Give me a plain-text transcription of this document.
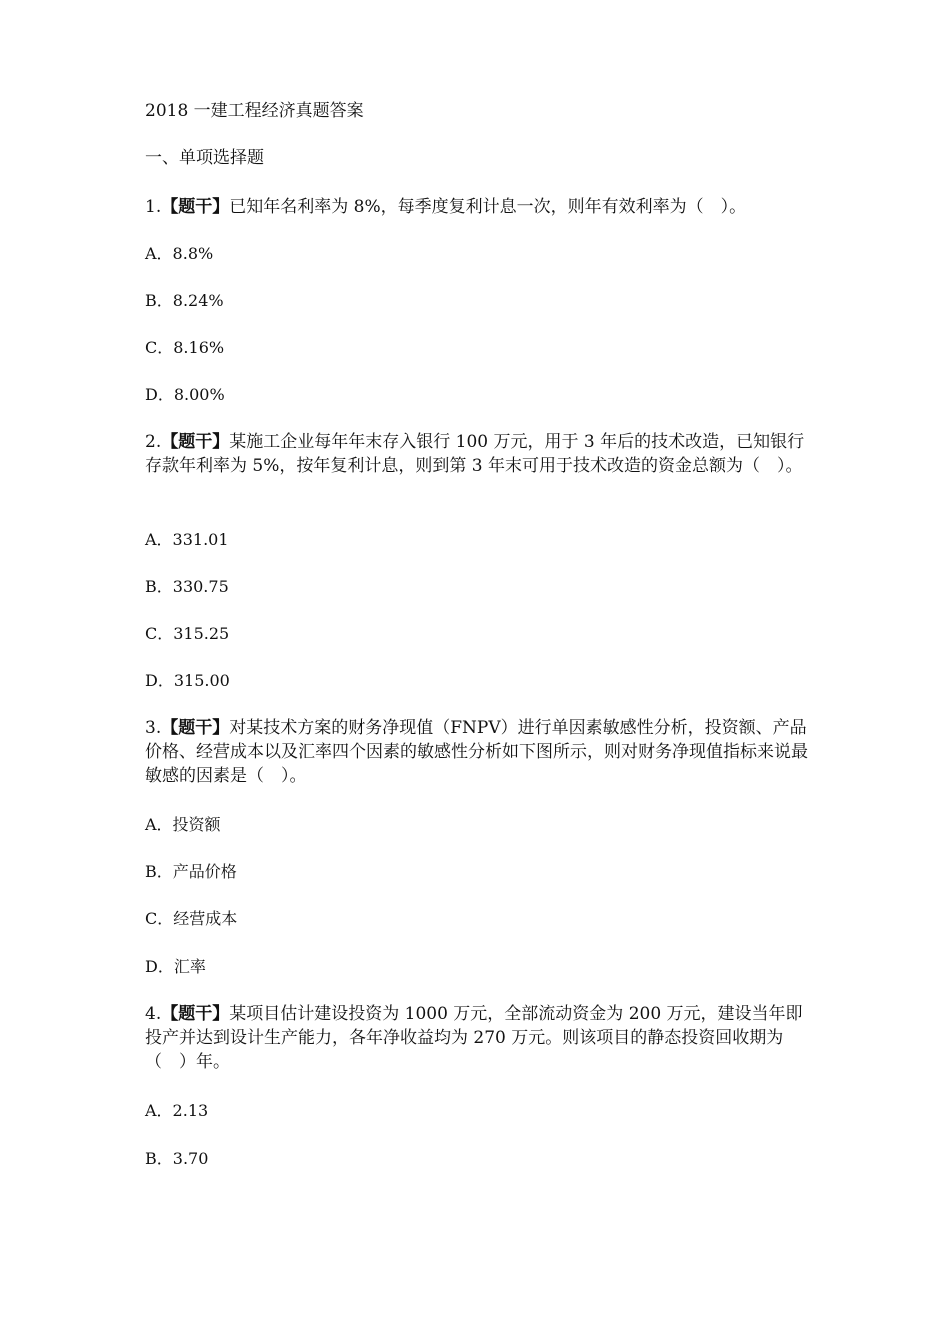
2018 一建工程经济真题答案
一、单项选择题
1.【题干】已知年名利率为 8%，每季度复利计息一次，则年有效利率为（　）。
A．8.8%
B．8.24%
C．8.16%
D．8.00%
2.【题干】某施工企业每年年末存入银行 100 万元，用于 3 年后的技术改造，已知银行存款年利率为 5%，按年复利计息，则到第 3 年末可用于技术改造的资金总额为（　）。
A．331.01
B．330.75
C．315.25
D．315.00
3.【题干】对某技术方案的财务净现值（FNPV）进行单因素敏感性分析，投资额、产品价格、经营成本以及汇率四个因素的敏感性分析如下图所示，则对财务净现值指标来说最敏感的因素是（　）。
A．投资额
B．产品价格
C．经营成本
D．汇率
4.【题干】某项目估计建设投资为 1000 万元，全部流动资金为 200 万元，建设当年即投产并达到设计生产能力，各年净收益均为 270 万元。则该项目的静态投资回收期为（　）年。
A．2.13
B．3.70
